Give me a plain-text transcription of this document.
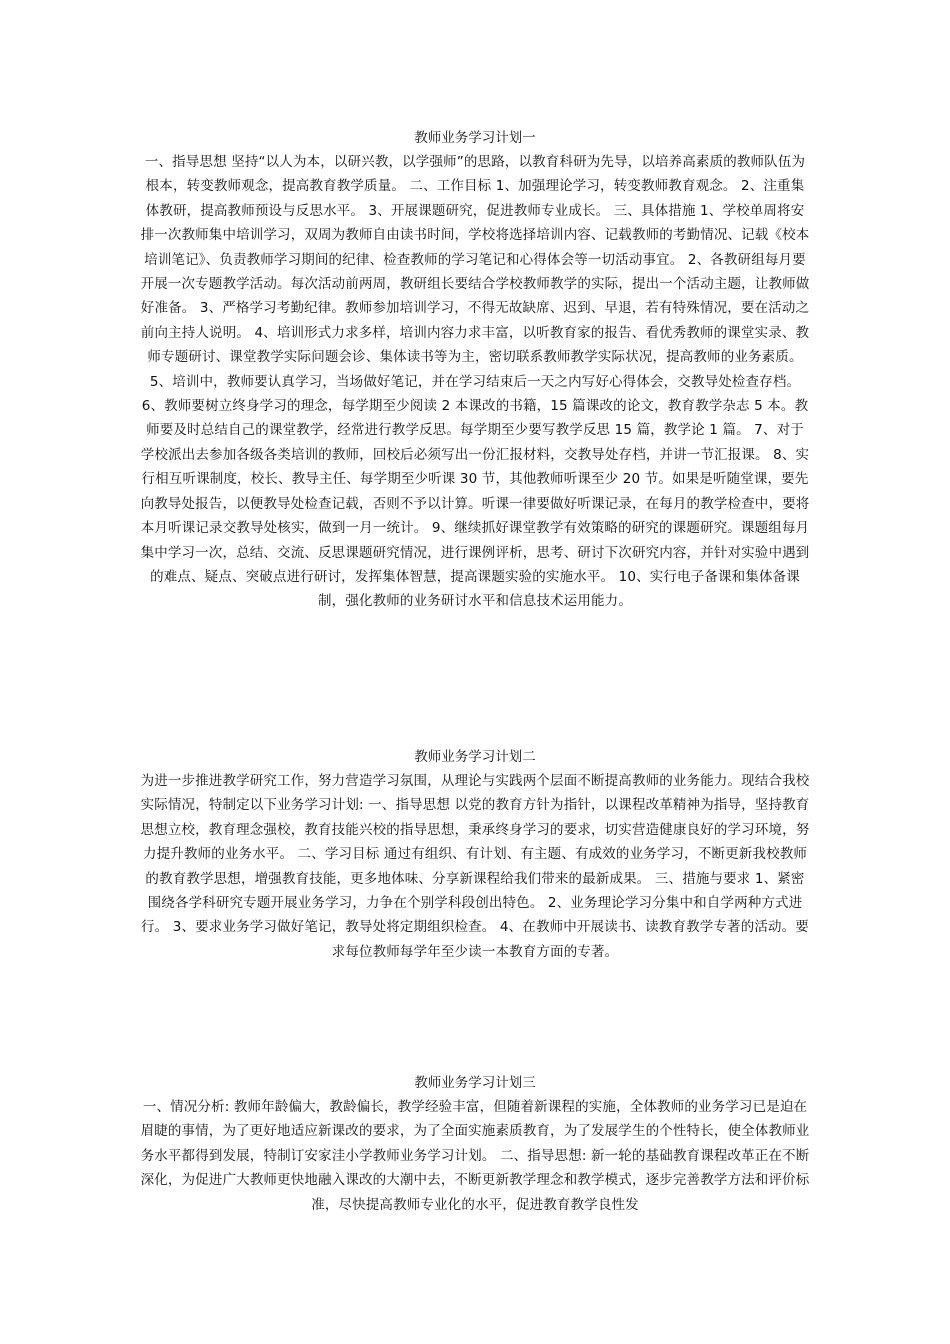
教师业务学习计划一

一、指导思想 坚持“以人为本，以研兴教，以学强师”的思路，以教育科研为先导，以培养高素质的教师队伍为根本，转变教师观念，提高教育教学质量。 二、工作目标 1、加强理论学习，转变教师教育观念。 2、注重集体教研，提高教师预设与反思水平。 3、开展课题研究，促进教师专业成长。 三、具体措施 1、学校单周将安排一次教师集中培训学习，双周为教师自由读书时间，学校将选择培训内容、记载教师的考勤情况、记载《校本培训笔记》、负责教师学习期间的纪律、检查教师的学习笔记和心得体会等一切活动事宜。 2、各教研组每月要开展一次专题教学活动。每次活动前两周，教研组长要结合学校教师教学的实际，提出一个活动主题，让教师做好准备。 3、严格学习考勤纪律。教师参加培训学习，不得无故缺席、迟到、早退，若有特殊情况，要在活动之前向主持人说明。 4、培训形式力求多样，培训内容力求丰富，以听教育家的报告、看优秀教师的课堂实录、教师专题研讨、课堂教学实际问题会诊、集体读书等为主，密切联系教师教学实际状况，提高教师的业务素质。 5、培训中，教师要认真学习，当场做好笔记，并在学习结束后一天之内写好心得体会，交教导处检查存档。 6、教师要树立终身学习的理念，每学期至少阅读 2 本课改的书籍，15 篇课改的论文，教育教学杂志 5 本。教师要及时总结自己的课堂教学，经常进行教学反思。每学期至少要写教学反思 15 篇，教学论 1 篇。 7、对于学校派出去参加各级各类培训的教师，回校后必须写出一份汇报材料，交教导处存档，并讲一节汇报课。 8、实行相互听课制度，校长、教导主任、每学期至少听课 30 节，其他教师听课至少 20 节。如果是听随堂课，要先向教导处报告，以便教导处检查记载，否则不予以计算。听课一律要做好听课记录，在每月的教学检查中，要将本月听课记录交教导处核实，做到一月一统计。 9、继续抓好课堂教学有效策略的研究的课题研究。课题组每月集中学习一次，总结、交流、反思课题研究情况，进行课例评析，思考、研讨下次研究内容，并针对实验中遇到的难点、疑点、突破点进行研讨，发挥集体智慧，提高课题实验的实施水平。 10、实行电子备课和集体备课制，强化教师的业务研讨水平和信息技术运用能力。

教师业务学习计划二

为进一步推进教学研究工作，努力营造学习氛围，从理论与实践两个层面不断提高教师的业务能力。现结合我校实际情况，特制定以下业务学习计划: 一、指导思想 以党的教育方针为指针，以课程改革精神为指导，坚持教育思想立校，教育理念强校，教育技能兴校的指导思想，秉承终身学习的要求，切实营造健康良好的学习环境，努力提升教师的业务水平。 二、学习目标 通过有组织、有计划、有主题、有成效的业务学习，不断更新我校教师的教育教学思想，增强教育技能，更多地体味、分享新课程给我们带来的最新成果。 三、措施与要求 1、紧密围绕各学科研究专题开展业务学习，力争在个别学科段创出特色。 2、业务理论学习分集中和自学两种方式进行。 3、要求业务学习做好笔记，教导处将定期组织检查。 4、在教师中开展读书、读教育教学专著的活动。要求每位教师每学年至少读一本教育方面的专著。

教师业务学习计划三

一、情况分析: 教师年龄偏大，教龄偏长，教学经验丰富，但随着新课程的实施，全体教师的业务学习已是迫在眉睫的事情，为了更好地适应新课改的要求，为了全面实施素质教育，为了发展学生的个性特长，使全体教师业务水平都得到发展，特制订安家洼小学教师业务学习计划。 二、指导思想: 新一轮的基础教育课程改革正在不断深化，为促进广大教师更快地融入课改的大潮中去，不断更新教学理念和教学模式，逐步完善教学方法和评价标准，尽快提高教师专业化的水平，促进教育教学良性发
